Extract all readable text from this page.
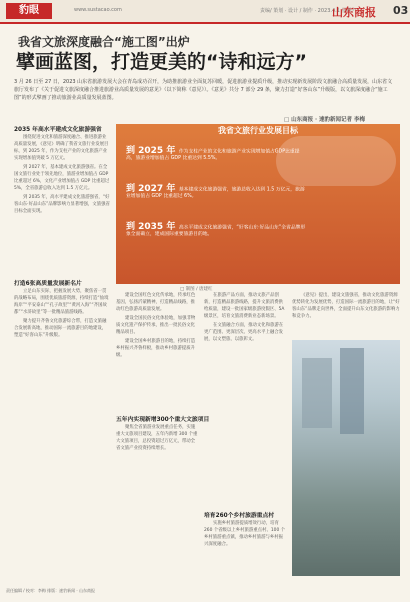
豹眼	www.sustacao.com	责编/ 策划 · 设计 / 制作 · 2023.4.1 星期六
山东商报 03
我省文旅深度融合“施工图”出炉
擘画蓝图，打造更美的“诗和远方”
3 月 26 日至 27 日，2023 山东省旅游发展大会在青岛成功召开，为助推旅游业全面复苏回暖，促进旅游业提质升级，推动实现新发展阶段文旅融合高质量发展，山东省文旅厅发布了《关于促进文旅深度融合推进旅游业高质量发展的意见》（以下简称《意见》）。《意见》共分 7 部分 29 条，聚力打造“好客山东”升级版，以文旅深度融合“施工图”的形式擘画了推动旅游业高质量发展蓝图。
□ 山东商报 · 速豹新闻记者 李梅
2035 年高水平建成文化旅游强省

围绕促进文化和旅游深度融合、推进旅游业高质量发展，《意见》明确了我省文旅行业发展目标，到 2025 年，作为支柱产业的文化旅游产业实现增加值突破 5 万亿元。

到 2027 年，基本建成文化旅游强省。在全国文旅行业处于领先地位，旅游业增加值占 GDP 比重超过 6%，文化产业增加值占 GDP 比重超过 5%，全省旅游总收入达到 1.5 万亿元。

到 2035 年，高水平建成文化旅游强省，“好客山东·好品山东”品牌影响力显著增强，文旅强省目标全面实现。

我省文旅行业发展目标
到 2025 年 作为支柱产业的文化和旅游产业实现增加值占GDP比重提高，旅游业增加值占 GDP 比重达到 5.5%。
到 2027 年 基本建成文化旅游强省，旅游总收入达到 1.5 万亿元，旅游业增加值占 GDP 比重超过 6%。
到 2035 年 高水平建成文化旅游强省，“好客山东·好品山东”全省品牌形象全面确立，建成国际重要旅游目的地。
□ 制图 / 唐建红
打造6张高质量发展新名片

立足山东实际，把握发展大势，聚焦省一贯的战略布局，围绕优质旅游资源，持续打造“仙境海岸”“平安泰山”“孔子故里”“黄河入海”“齐国故都”“水浒故里”等一批精品旅游线路。

聚力提升齐鲁文化旅游综合带，打造文旅融合发展新高地，推动国际一流旅游目的地建设，塑造“好客山东”升级版。

建设全国红色文化传承地，传承红色基因，弘扬沂蒙精神，打造精品线路，推动红色旅游高质量发展。

建设全国民俗文化体验地，加强非物质文化遗产保护传承，推出一批民俗文化精品项目。

建设全国乡村旅游目的地，持续打造乡村振兴齐鲁样板，推动乡村旅游提质升级。

五年内实现新增300个重大文旅项目

聚焦全省旅游业发展重点任务，实施重大文旅项目建设，五年内新增 300 个重大文旅项目，总投资超过万亿元，带动全省文旅产业投资持续增长。

在旅游产品方面，推动文旅产品创新，打造精品旅游线路，提升文旅消费供给质量，建设一批国家级旅游度假区、5A 级景区，培育文旅消费新业态新场景。

在文旅融合方面，推动文化和旅游在更广范围、更深层次、更高水平上融合发展，以文塑旅、以旅彰文。

培育260个乡村旅游重点村

实施乡村旅游提质增效行动，培育 260 个省级以上乡村旅游重点村、100 个乡村旅游重点镇，推动乡村旅游与乡村振兴深度融合。

《意见》提出，建设文旅强省，推动文化旅游资源优势转化为发展优势，打造国际一流旅游目的地，让“好客山东”品牌走向世界，全面提升山东文化旅游的影响力和竞争力。

责任编辑 / 校对：李梅 排版：速豹新闻 · 山东商报
